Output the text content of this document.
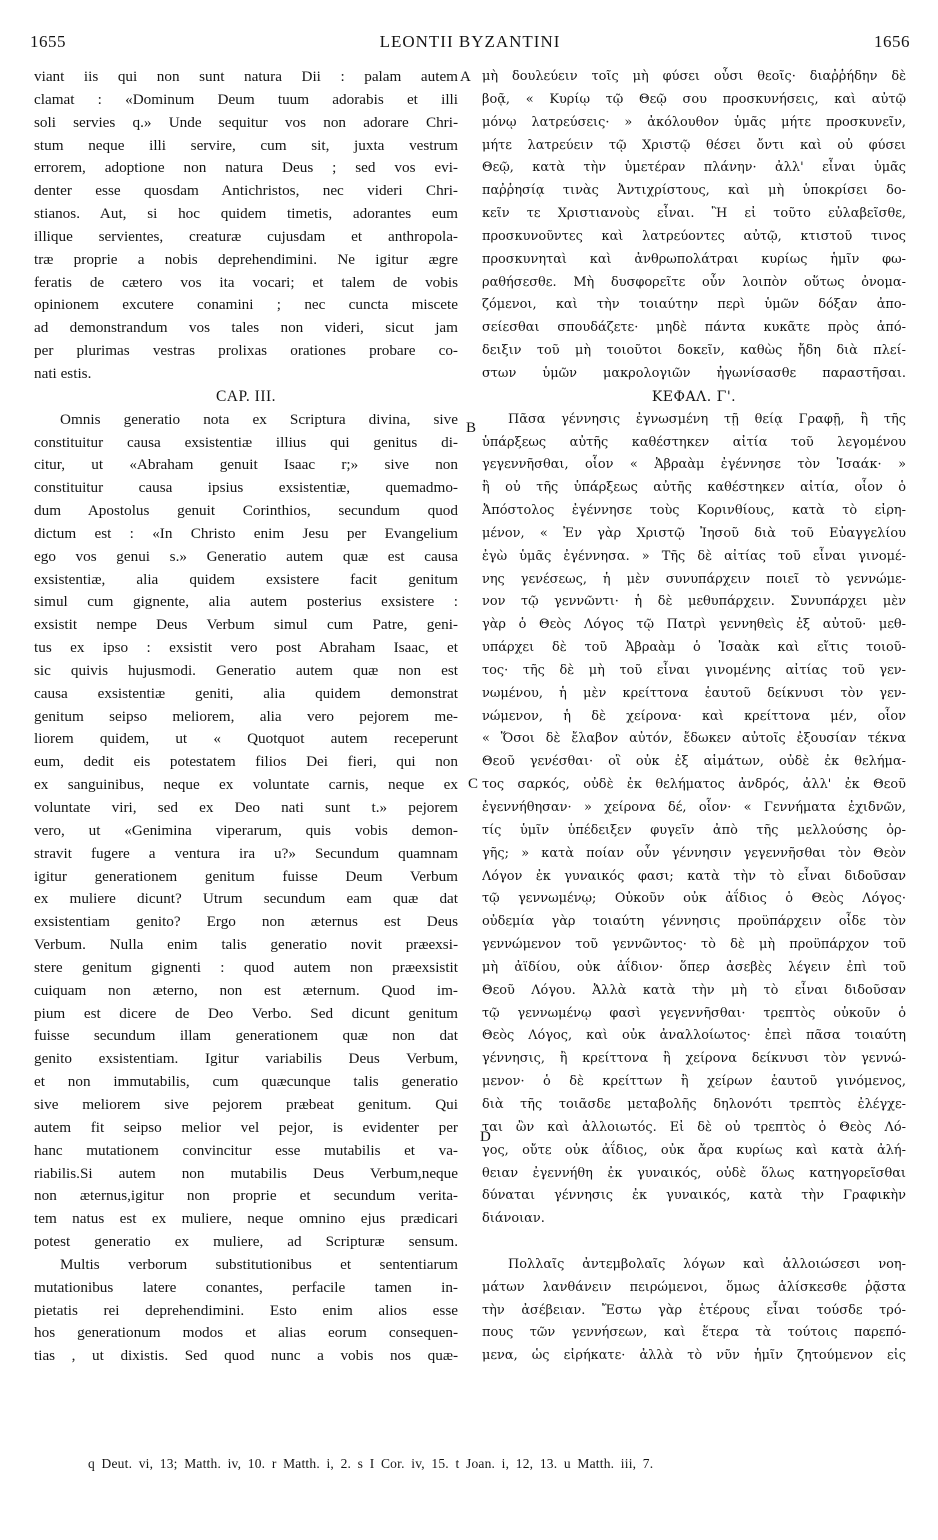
1655	LEONTII BYZANTINI	1656
viant iis qui non sunt natura Dii : palam autem
clamat : «Dominum Deum tuum adorabis et illi
soli servies q.» Unde sequitur vos non adorare Chri-
stum neque illi servire, cum sit, juxta vestrum
errorem, adoptione non natura Deus ; sed vos evi-
denter esse quosdam Antichristos, nec videri Chri-
stianos. Aut, si hoc quidem timetis, adorantes eum
illique servientes, creaturæ cujusdam et anthropola-
træ proprie a nobis deprehendimini. Ne igitur ægre
feratis de cætero vos ita vocari; et talem de vobis
opinionem excutere conamini ; nec cuncta miscete
ad demonstrandum vos tales non videri, sicut jam
per plurimas vestras prolixas orationes probare co-
nati estis.
CAP. III.
Omnis generatio nota ex Scriptura divina, sive
constituitur causa exsistentiæ illius qui genitus di-
citur, ut «Abraham genuit Isaac r;» sive non
constituitur causa ipsius exsistentiæ, quemadmo-
dum Apostolus genuit Corinthios, secundum quod
dictum est : «In Christo enim Jesu per Evangelium
ego vos genui s.» Generatio autem quæ est causa
exsistentiæ, alia quidem exsistere facit genitum
simul cum gignente, alia autem posterius exsistere :
exsistit nempe Deus Verbum simul cum Patre, geni-
tus ex ipso : exsistit vero post Abraham Isaac, et
sic quivis hujusmodi. Generatio autem quæ non est
causa exsistentiæ geniti, alia quidem demonstrat
genitum seipso meliorem, alia vero pejorem me-
liorem quidem, ut « Quotquot autem receperunt
eum, dedit eis potestatem filios Dei fieri, qui non
ex sanguinibus, neque ex voluntate carnis, neque ex
voluntate viri, sed ex Deo nati sunt t.» pejorem
vero, ut «Genimina viperarum, quis vobis demon-
stravit fugere a ventura ira u?» Secundum quamnam
igitur generationem genitum fuisse Deum Verbum
ex muliere dicunt? Utrum secundum eam quæ dat
exsistentiam genito? Ergo non æternus est Deus
Verbum. Nulla enim talis generatio novit præexsi-
stere genitum gignenti : quod autem non præexsistit
cuiquam non æterno, non est æternum. Quod im-
pium est dicere de Deo Verbo. Sed dicunt genitum
fuisse secundum illam generationem quæ non dat
genito exsistentiam. Igitur variabilis Deus Verbum,
et non immutabilis, cum quæcunque talis generatio
sive meliorem sive pejorem præbeat genitum. Qui
autem fit seipso melior vel pejor, is evidenter per
hanc mutationem convincitur esse mutabilis et va-
riabilis.Si autem non mutabilis Deus Verbum,neque
non æternus,igitur non proprie et secundum verita-
tem natus est ex muliere, neque omnino ejus prædicari
potest generatio ex muliere, ad Scripturæ sensum.
Multis verborum substitutionibus et sententiarum
mutationibus latere conantes, perfacile tamen in-
pietatis rei deprehendimini. Esto enim alios esse
hos generationum modos et alias eorum consequen-
tias , ut dixistis. Sed quod nunc a vobis nos quæ-
μὴ δουλεύειν τοῖς μὴ φύσει οὖσι θεοῖς· διαῤῥήδην δὲ
βοᾷ, « Κυρίῳ τῷ Θεῷ σου προσκυνήσεις, καὶ αὐτῷ
μόνῳ λατρεύσεις· » ἀκόλουθον ὑμᾶς μήτε προσκυνεῖν,
μήτε λατρεύειν τῷ Χριστῷ θέσει ὄντι καὶ οὐ φύσει
Θεῷ, κατὰ τὴν ὑμετέραν πλάνην· ἀλλ' εἶναι ὑμᾶς
παῤῥησίᾳ τινὰς Ἀντιχρίστους, καὶ μὴ ὑποκρίσει δο-
κεῖν τε Χριστιανοὺς εἶναι. Ἢ εἰ τοῦτο εὐλαβεῖσθε,
προσκυνοῦντες καὶ λατρεύοντες αὐτῷ, κτιστοῦ τινος
προσκυνηταὶ καὶ ἀνθρωπολάτραι κυρίως ἡμῖν φω-
ραθήσεσθε. Μὴ δυσφορεῖτε οὖν λοιπὸν οὕτως ὀνομα-
ζόμενοι, καὶ τὴν τοιαύτην περὶ ὑμῶν δόξαν ἀπο-
σείεσθαι σπουδάζετε· μηδὲ πάντα κυκᾶτε πρὸς ἀπό-
δειξιν τοῦ μὴ τοιοῦτοι δοκεῖν, καθὼς ἤδη διὰ πλεί-
στων ὑμῶν μακρολογιῶν ἠγωνίσασθε παραστῆσαι.
ΚΕΦΑΛ. Γ'.
Πᾶσα γέννησις ἐγνωσμένη τῇ θείᾳ Γραφῇ, ἢ τῆς
ὑπάρξεως αὐτῆς καθέστηκεν αἰτία τοῦ λεγομένου
γεγεννῆσθαι, οἷον « Ἀβραὰμ ἐγέννησε τὸν Ἰσαάκ· »
ἢ οὐ τῆς ὑπάρξεως αὐτῆς καθέστηκεν αἰτία, οἷον ὁ
Ἀπόστολος ἐγέννησε τοὺς Κορινθίους, κατὰ τὸ εἰρη-
μένον, « Ἐν γὰρ Χριστῷ Ἰησοῦ διὰ τοῦ Εὐαγγελίου
ἐγὼ ὑμᾶς ἐγέννησα. » Τῆς δὲ αἰτίας τοῦ εἶναι γινομέ-
νης γενέσεως, ἡ μὲν συνυπάρχειν ποιεῖ τὸ γεννώμε-
νον τῷ γεννῶντι· ἡ δὲ μεθυπάρχειν. Συνυπάρχει μὲν
γὰρ ὁ Θεὸς Λόγος τῷ Πατρὶ γεννηθεὶς ἐξ αὐτοῦ· μεθ-
υπάρχει δὲ τοῦ Ἀβραὰμ ὁ Ἰσαὰκ καὶ εἴτις τοιοῦ-
τος· τῆς δὲ μὴ τοῦ εἶναι γινομένης αἰτίας τοῦ γεν-
νωμένου, ἡ μὲν κρείττονα ἑαυτοῦ δείκνυσι τὸν γεν-
νώμενον, ἡ δὲ χείρονα· καὶ κρείττονα μέν, οἷον
« Ὅσοι δὲ ἔλαβον αὐτόν, ἔδωκεν αὐτοῖς ἐξουσίαν τέκνα
Θεοῦ γενέσθαι· οἳ οὐκ ἐξ αἱμάτων, οὐδὲ ἐκ θελήμα-
τος σαρκός, οὐδὲ ἐκ θελήματος ἀνδρός, ἀλλ' ἐκ Θεοῦ
ἐγεννήθησαν· » χείρονα δέ, οἷον· « Γεννήματα ἐχιδνῶν,
τίς ὑμῖν ὑπέδειξεν φυγεῖν ἀπὸ τῆς μελλούσης ὀρ-
γῆς; » κατὰ ποίαν οὖν γέννησιν γεγεννῆσθαι τὸν Θεὸν
Λόγον ἐκ γυναικός φασι; κατὰ τὴν τὸ εἶναι διδοῦσαν
τῷ γεννωμένῳ; Οὐκοῦν οὐκ ἀΐδιος ὁ Θεὸς Λόγος·
οὐδεμία γὰρ τοιαύτη γέννησις προϋπάρχειν οἶδε τὸν
γεννώμενον τοῦ γεννῶντος· τὸ δὲ μὴ προϋπάρχον τοῦ
μὴ ἀϊδίου, οὐκ ἀΐδιον· ὅπερ ἀσεβὲς λέγειν ἐπὶ τοῦ
Θεοῦ Λόγου. Ἀλλὰ κατὰ τὴν μὴ τὸ εἶναι διδοῦσαν
τῷ γεννωμένῳ φασὶ γεγεννῆσθαι· τρεπτὸς οὐκοῦν ὁ
Θεὸς Λόγος, καὶ οὐκ ἀναλλοίωτος· ἐπεὶ πᾶσα τοιαύτη
γέννησις, ἢ κρείττονα ἢ χείρονα δείκνυσι τὸν γεννώ-
μενον· ὁ δὲ κρείττων ἢ χείρων ἑαυτοῦ γινόμενος,
διὰ τῆς τοιᾶσδε μεταβολῆς δηλονότι τρεπτὸς ἐλέγχε-
ται ὢν καὶ ἀλλοιωτός. Εἰ δὲ οὐ τρεπτὸς ὁ Θεὸς Λό-
γος, οὔτε οὐκ ἀΐδιος, οὐκ ἄρα κυρίως καὶ κατὰ ἀλή-
θειαν ἐγεννήθη ἐκ γυναικός, οὐδὲ ὅλως κατηγορεῖσθαι
δύναται γέννησις ἐκ γυναικός, κατὰ τὴν Γραφικὴν
διάνοιαν.
Πολλαῖς ἀντεμβολαῖς λόγων καὶ ἀλλοιώσεσι νοη-
μάτων λανθάνειν πειρώμενοι, ὅμως ἁλίσκεσθε ῥᾷστα
τὴν ἀσέβειαν. Ἔστω γὰρ ἑτέρους εἶναι τούσδε τρό-
πους τῶν γεννήσεων, καὶ ἕτερα τὰ τούτοις παρεπό-
μενα, ὡς εἰρήκατε· ἀλλὰ τὸ νῦν ἡμῖν ζητούμενον εἰς
A
B
C
D
q Deut. vi, 13; Matth. iv, 10. r Matth. i, 2. s I Cor. iv, 15. t Joan. i, 12, 13. u Matth. iii, 7.
